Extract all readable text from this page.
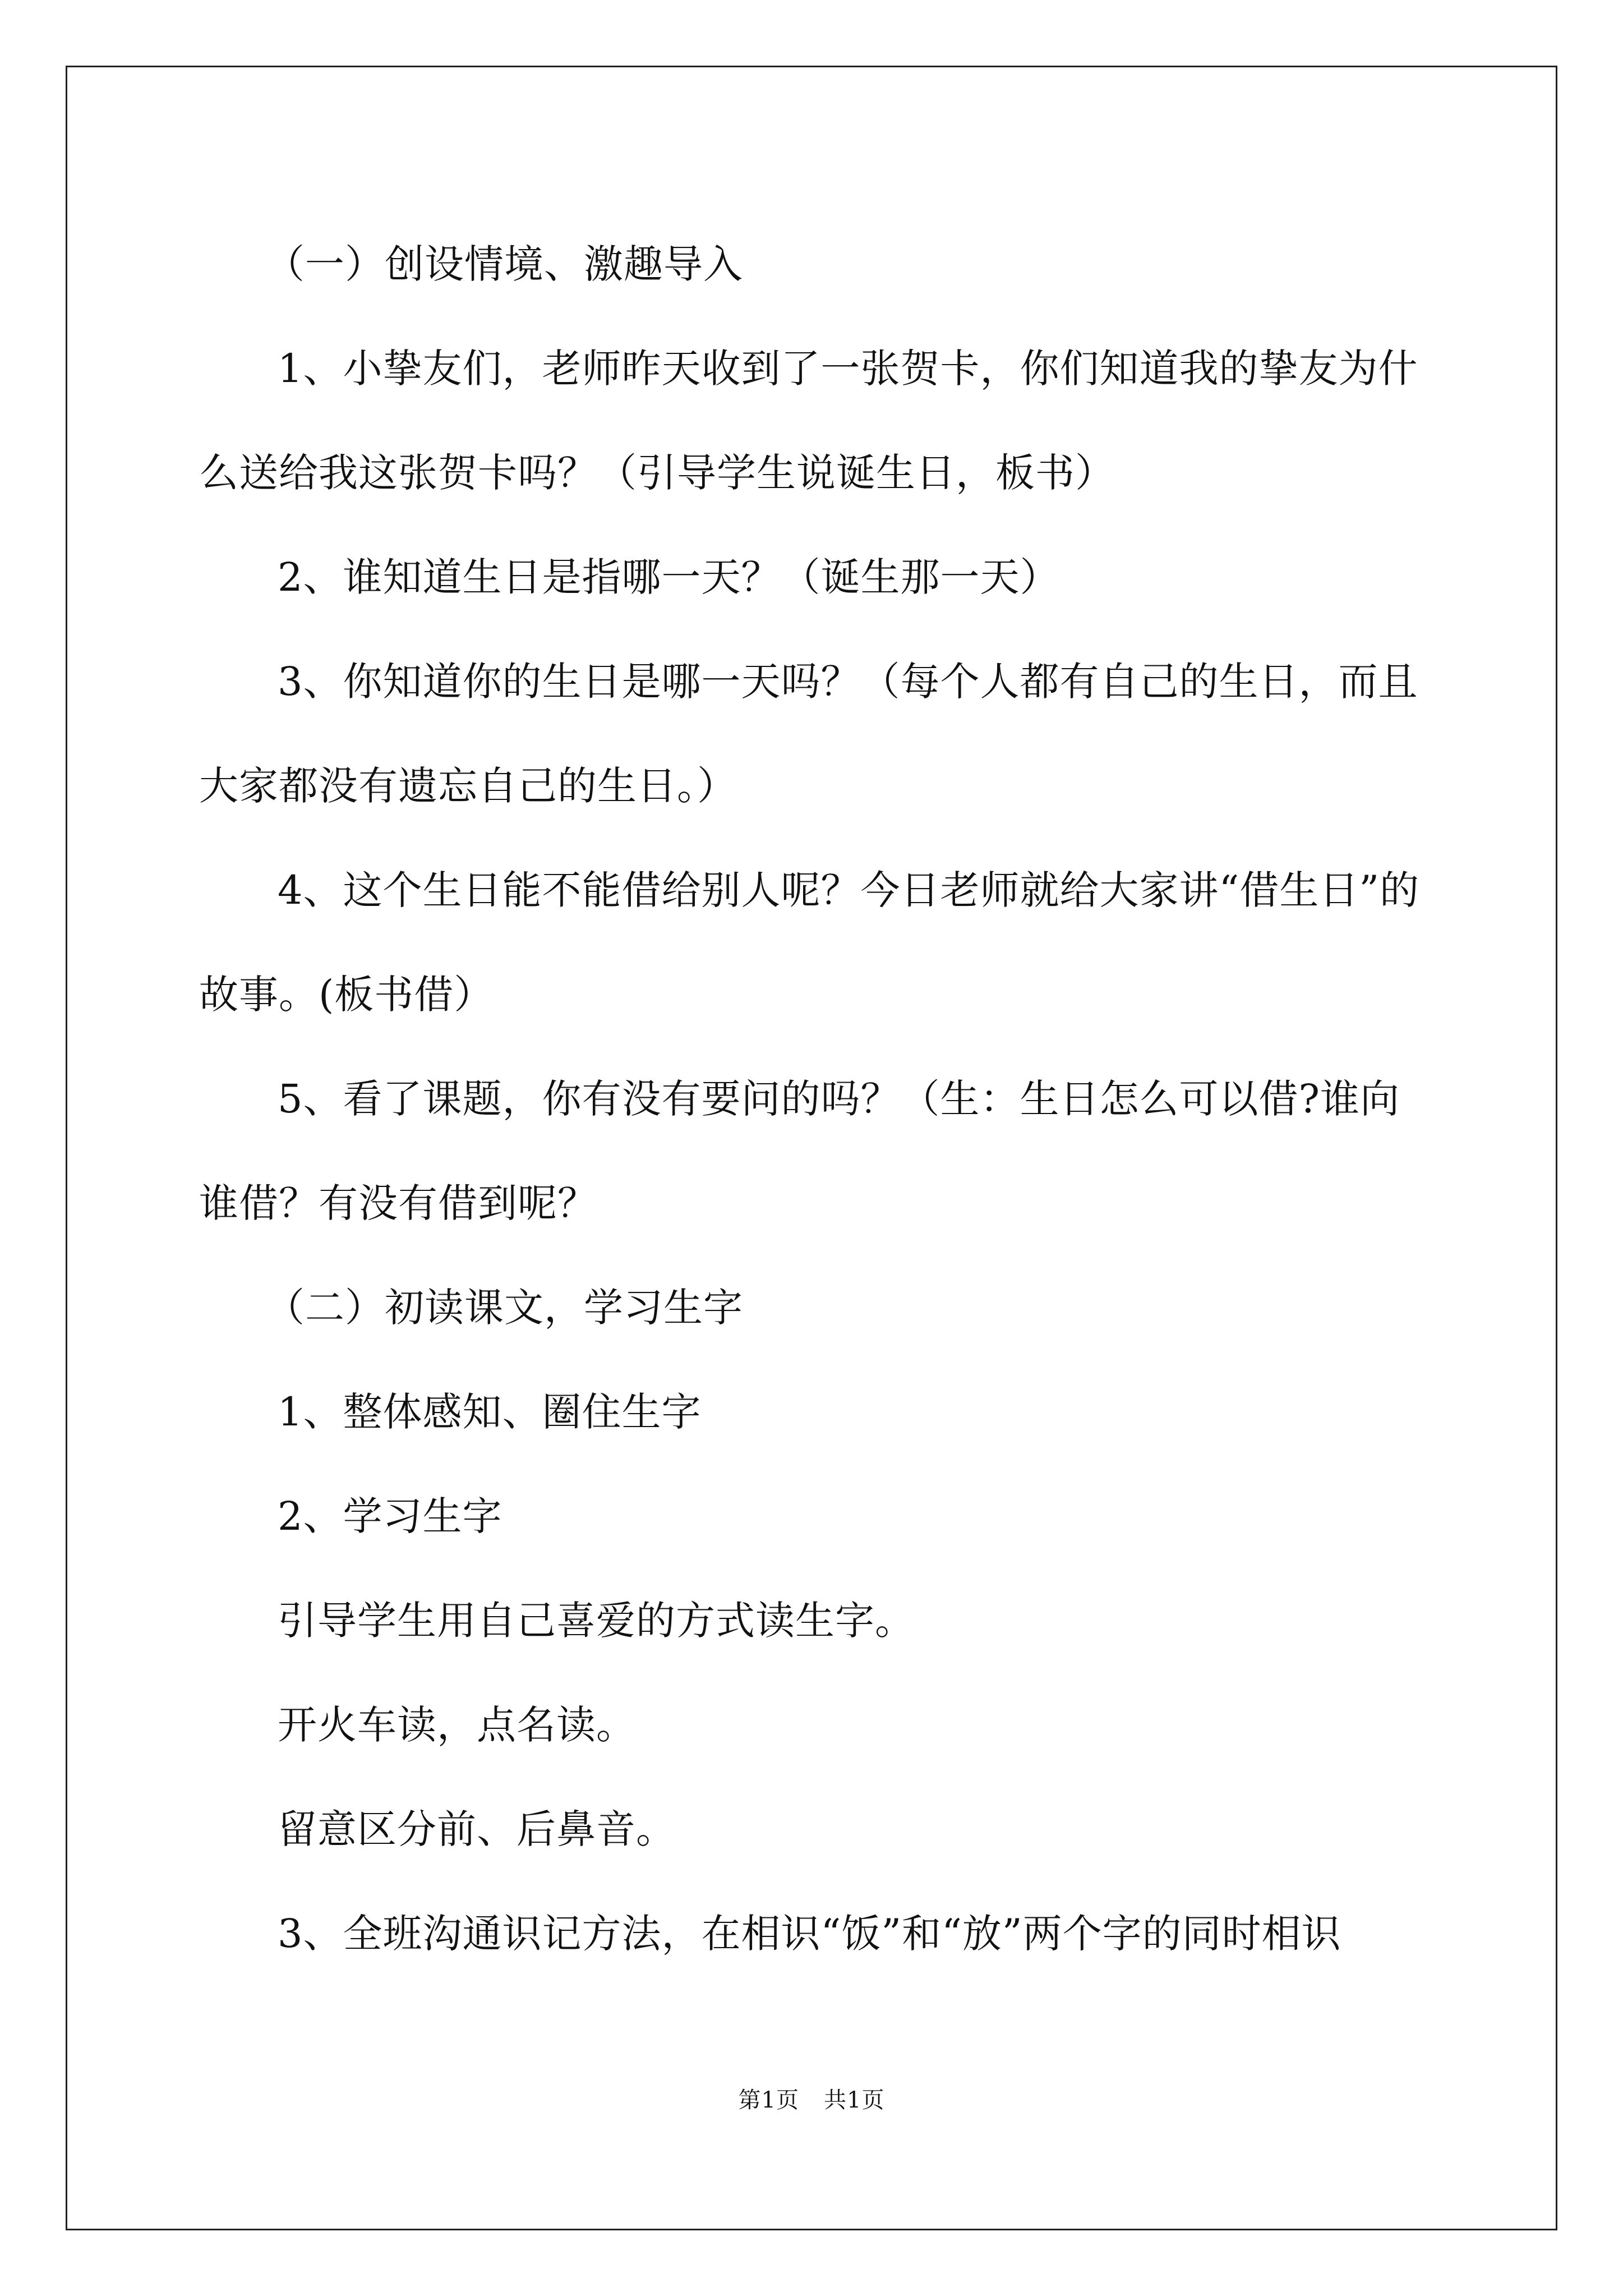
（一）创设情境、激趣导入

1、小挚友们，老师昨天收到了一张贺卡，你们知道我的挚友为什么送给我这张贺卡吗？（引导学生说诞生日，板书）

2、谁知道生日是指哪一天？（诞生那一天）

3、你知道你的生日是哪一天吗？（每个人都有自己的生日，而且大家都没有遗忘自己的生日。）

4、这个生日能不能借给别人呢？今日老师就给大家讲“借生日”的故事。(板书借）

5、看了课题，你有没有要问的吗？（生：生日怎么可以借?谁向谁借？有没有借到呢？

（二）初读课文，学习生字

1、整体感知、圈住生字

2、学习生字

引导学生用自己喜爱的方式读生字。

开火车读，点名读。

留意区分前、后鼻音。

3、全班沟通识记方法，在相识“饭”和“放”两个字的同时相识

第1页 共1页
